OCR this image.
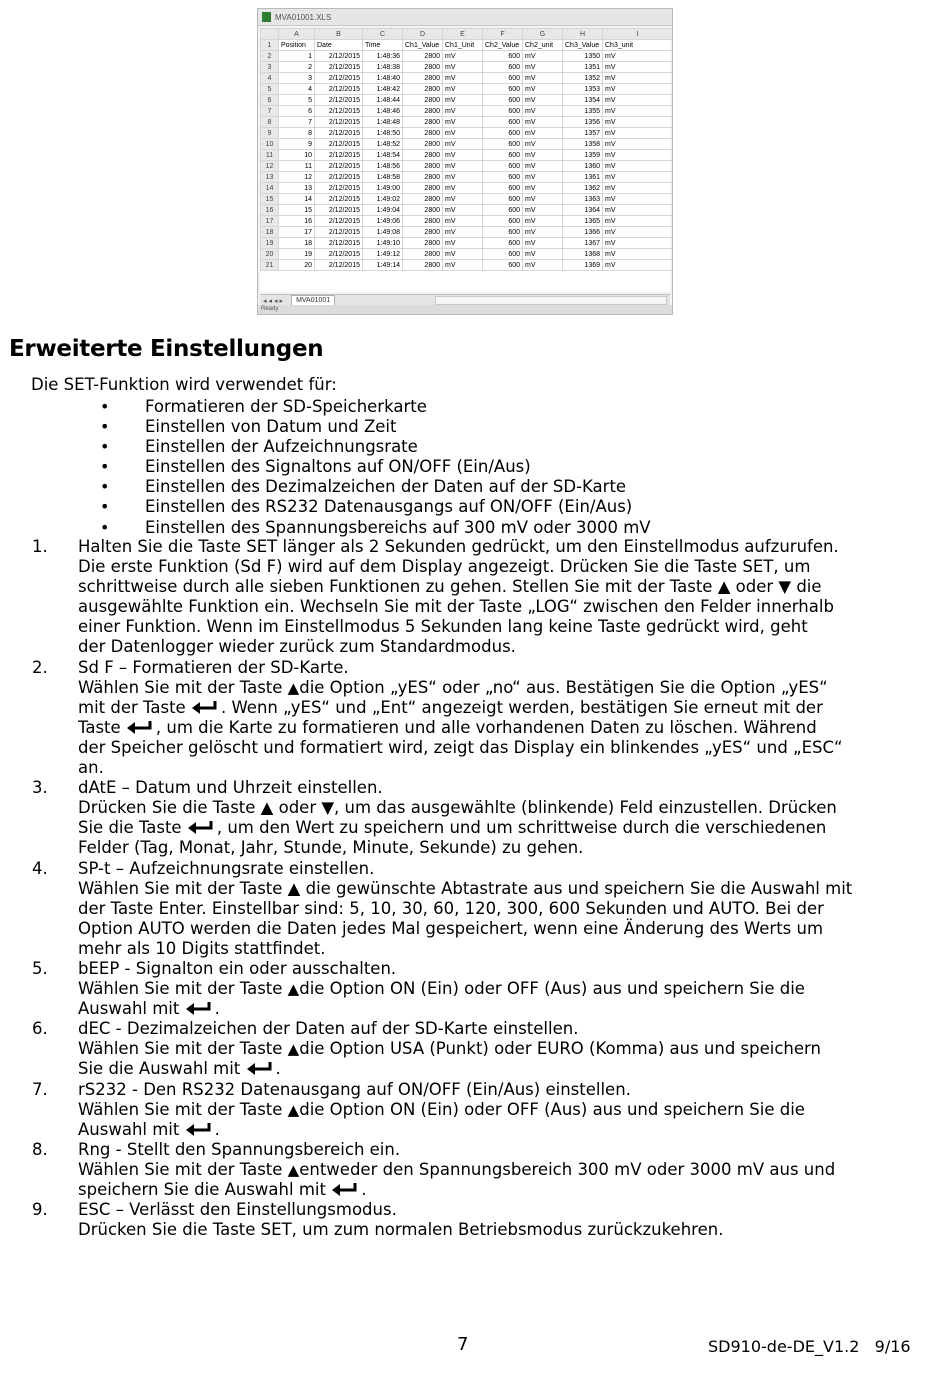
MVA01001.XLS
	A	B	C	D	E	F	G	H	I
1	Position	Date	Time	Ch1_Value	Ch1_Unit	Ch2_Value	Ch2_unit	Ch3_Value	Ch3_unit
2	1	2/12/2015	1:48:36	2800	mV	600	mV	1350	mV
3	2	2/12/2015	1:48:38	2800	mV	600	mV	1351	mV
4	3	2/12/2015	1:48:40	2800	mV	600	mV	1352	mV
5	4	2/12/2015	1:48:42	2800	mV	600	mV	1353	mV
6	5	2/12/2015	1:48:44	2800	mV	600	mV	1354	mV
7	6	2/12/2015	1:48:46	2800	mV	600	mV	1355	mV
8	7	2/12/2015	1:48:48	2800	mV	600	mV	1356	mV
9	8	2/12/2015	1:48:50	2800	mV	600	mV	1357	mV
10	9	2/12/2015	1:48:52	2800	mV	600	mV	1358	mV
11	10	2/12/2015	1:48:54	2800	mV	600	mV	1359	mV
12	11	2/12/2015	1:48:56	2800	mV	600	mV	1360	mV
13	12	2/12/2015	1:48:58	2800	mV	600	mV	1361	mV
14	13	2/12/2015	1:49:00	2800	mV	600	mV	1362	mV
15	14	2/12/2015	1:49:02	2800	mV	600	mV	1363	mV
16	15	2/12/2015	1:49:04	2800	mV	600	mV	1364	mV
17	16	2/12/2015	1:49:06	2800	mV	600	mV	1365	mV
18	17	2/12/2015	1:49:08	2800	mV	600	mV	1366	mV
19	18	2/12/2015	1:49:10	2800	mV	600	mV	1367	mV
20	19	2/12/2015	1:49:12	2800	mV	600	mV	1368	mV
21	20	2/12/2015	1:49:14	2800	mV	600	mV	1369	mV
◂◂◂▸	MVA01001
Ready
Erweiterte Einstellungen

Die SET-Funktion wird verwendet für:

• Formatieren der SD-Speicherkarte
• Einstellen von Datum und Zeit
• Einstellen der Aufzeichnungsrate
• Einstellen des Signaltons auf ON/OFF (Ein/Aus)
• Einstellen des Dezimalzeichen der Daten auf der SD-Karte
• Einstellen des RS232 Datenausgangs auf ON/OFF (Ein/Aus)
• Einstellen des Spannungsbereichs auf 300 mV oder 3000 mV
1. Halten Sie die Taste SET länger als 2 Sekunden gedrückt, um den Einstellmodus aufzurufen.
Die erste Funktion (Sd F) wird auf dem Display angezeigt. Drücken Sie die Taste SET, um
schrittweise durch alle sieben Funktionen zu gehen. Stellen Sie mit der Taste ▲ oder ▼ die
ausgewählte Funktion ein. Wechseln Sie mit der Taste „LOG“ zwischen den Felder innerhalb
einer Funktion. Wenn im Einstellmodus 5 Sekunden lang keine Taste gedrückt wird, geht
der Datenlogger wieder zurück zum Standardmodus.
2. Sd F – Formatieren der SD-Karte.
Wählen Sie mit der Taste ▲die Option „yES“ oder „no“ aus. Bestätigen Sie die Option „yES“
mit der Taste . Wenn „yES“ und „Ent“ angezeigt werden, bestätigen Sie erneut mit der
Taste , um die Karte zu formatieren und alle vorhandenen Daten zu löschen. Während
der Speicher gelöscht und formatiert wird, zeigt das Display ein blinkendes „yES“ und „ESC“
an.
3. dAtE – Datum und Uhrzeit einstellen.
Drücken Sie die Taste ▲ oder ▼, um das ausgewählte (blinkende) Feld einzustellen. Drücken
Sie die Taste , um den Wert zu speichern und um schrittweise durch die verschiedenen
Felder (Tag, Monat, Jahr, Stunde, Minute, Sekunde) zu gehen.
4. SP-t – Aufzeichnungsrate einstellen.
Wählen Sie mit der Taste ▲ die gewünschte Abtastrate aus und speichern Sie die Auswahl mit
der Taste Enter. Einstellbar sind: 5, 10, 30, 60, 120, 300, 600 Sekunden und AUTO. Bei der
Option AUTO werden die Daten jedes Mal gespeichert, wenn eine Änderung des Werts um
mehr als 10 Digits stattfindet.
5. bEEP - Signalton ein oder ausschalten.
Wählen Sie mit der Taste ▲die Option ON (Ein) oder OFF (Aus) aus und speichern Sie die
Auswahl mit .
6. dEC - Dezimalzeichen der Daten auf der SD-Karte einstellen.
Wählen Sie mit der Taste ▲die Option USA (Punkt) oder EURO (Komma) aus und speichern
Sie die Auswahl mit .
7. rS232 - Den RS232 Datenausgang auf ON/OFF (Ein/Aus) einstellen.
Wählen Sie mit der Taste ▲die Option ON (Ein) oder OFF (Aus) aus und speichern Sie die
Auswahl mit .
8. Rng - Stellt den Spannungsbereich ein.
Wählen Sie mit der Taste ▲entweder den Spannungsbereich 300 mV oder 3000 mV aus und
speichern Sie die Auswahl mit .
9. ESC – Verlässt den Einstellungsmodus.
Drücken Sie die Taste SET, um zum normalen Betriebsmodus zurückzukehren.
7	SD910-de-DE_V1.2   9/16
